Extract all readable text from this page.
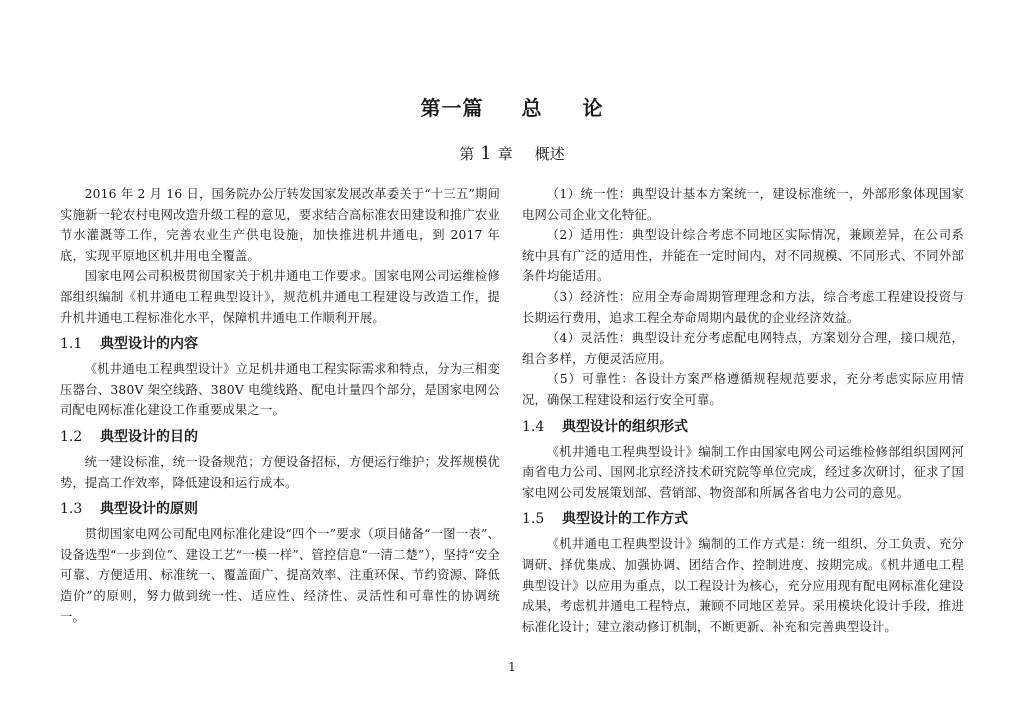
第一篇 总 论
第 1 章 概述

2016 年 2 月 16 日，国务院办公厅转发国家发展改革委关于“十三五”期间实施新一轮农村电网改造升级工程的意见，要求结合高标准农田建设和推广农业节水灌溉等工作，完善农业生产供电设施，加快推进机井通电，到 2017 年底，实现平原地区机井用电全覆盖。

国家电网公司积极贯彻国家关于机井通电工作要求。国家电网公司运维检修部组织编制《机井通电工程典型设计》，规范机井通电工程建设与改造工作，提升机井通电工程标准化水平，保障机井通电工作顺利开展。

1.1 典型设计的内容

《机井通电工程典型设计》立足机井通电工程实际需求和特点，分为三相变压器台、380V 架空线路、380V 电缆线路、配电计量四个部分，是国家电网公司配电网标准化建设工作重要成果之一。

1.2 典型设计的目的

统一建设标准，统一设备规范；方便设备招标，方便运行维护；发挥规模优势，提高工作效率，降低建设和运行成本。

1.3 典型设计的原则

贯彻国家电网公司配电网标准化建设“四个一”要求（项目储备“一图一表”、设备选型“一步到位”、建设工艺“一模一样”、管控信息“一清二楚”），坚持“安全可靠、方便适用、标准统一、覆盖面广、提高效率、注重环保、节约资源、降低造价”的原则，努力做到统一性、适应性、经济性、灵活性和可靠性的协调统一。

（1）统一性：典型设计基本方案统一，建设标准统一，外部形象体现国家电网公司企业文化特征。

（2）适用性：典型设计综合考虑不同地区实际情况，兼顾差异，在公司系统中具有广泛的适用性，并能在一定时间内，对不同规模、不同形式、不同外部条件均能适用。

（3）经济性：应用全寿命周期管理理念和方法，综合考虑工程建设投资与长期运行费用，追求工程全寿命周期内最优的企业经济效益。

（4）灵活性：典型设计充分考虑配电网特点，方案划分合理，接口规范，组合多样，方便灵活应用。

（5）可靠性：各设计方案严格遵循规程规范要求，充分考虑实际应用情况，确保工程建设和运行安全可靠。

1.4 典型设计的组织形式

《机井通电工程典型设计》编制工作由国家电网公司运维检修部组织国网河南省电力公司、国网北京经济技术研究院等单位完成，经过多次研讨，征求了国家电网公司发展策划部、营销部、物资部和所属各省电力公司的意见。

1.5 典型设计的工作方式

《机井通电工程典型设计》编制的工作方式是：统一组织、分工负责、充分调研、择优集成、加强协调、团结合作、控制进度、按期完成。《机井通电工程典型设计》以应用为重点，以工程设计为核心，充分应用现有配电网标准化建设成果，考虑机井通电工程特点，兼顾不同地区差异。采用模块化设计手段，推进标准化设计；建立滚动修订机制，不断更新、补充和完善典型设计。

1
